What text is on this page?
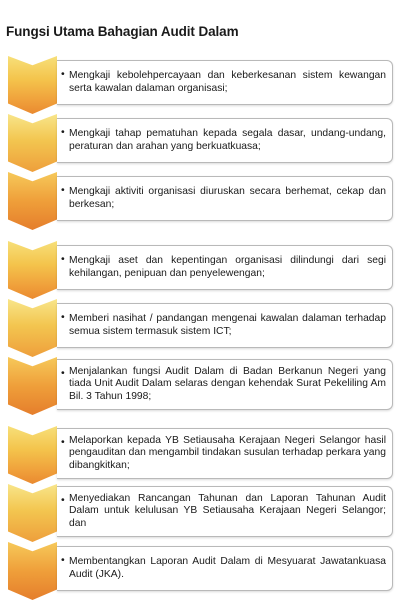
Fungsi Utama Bahagian Audit Dalam
• Mengkaji kebolehpercayaan dan keberkesanan sistem kewangan serta kawalan dalaman organisasi;
• Mengkaji tahap pematuhan kepada segala dasar, undang-undang, peraturan dan arahan yang berkuatkuasa;
• Mengkaji aktiviti organisasi diuruskan secara berhemat, cekap dan berkesan;
• Mengkaji aset dan kepentingan organisasi dilindungi dari segi kehilangan, penipuan dan penyelewengan;
• Memberi nasihat / pandangan mengenai kawalan dalaman terhadap semua sistem termasuk sistem ICT;
• Menjalankan fungsi Audit Dalam di Badan Berkanun Negeri yang tiada Unit Audit Dalam selaras dengan kehendak Surat Pekeliling Am Bil. 3 Tahun 1998;
• Melaporkan kepada YB Setiausaha Kerajaan Negeri Selangor hasil pengauditan dan mengambil tindakan susulan terhadap perkara yang dibangkitkan;
• Menyediakan Rancangan Tahunan dan Laporan Tahunan Audit Dalam untuk kelulusan YB Setiausaha Kerajaan Negeri Selangor; dan
• Membentangkan Laporan Audit Dalam di Mesyuarat Jawatankuasa Audit (JKA).
